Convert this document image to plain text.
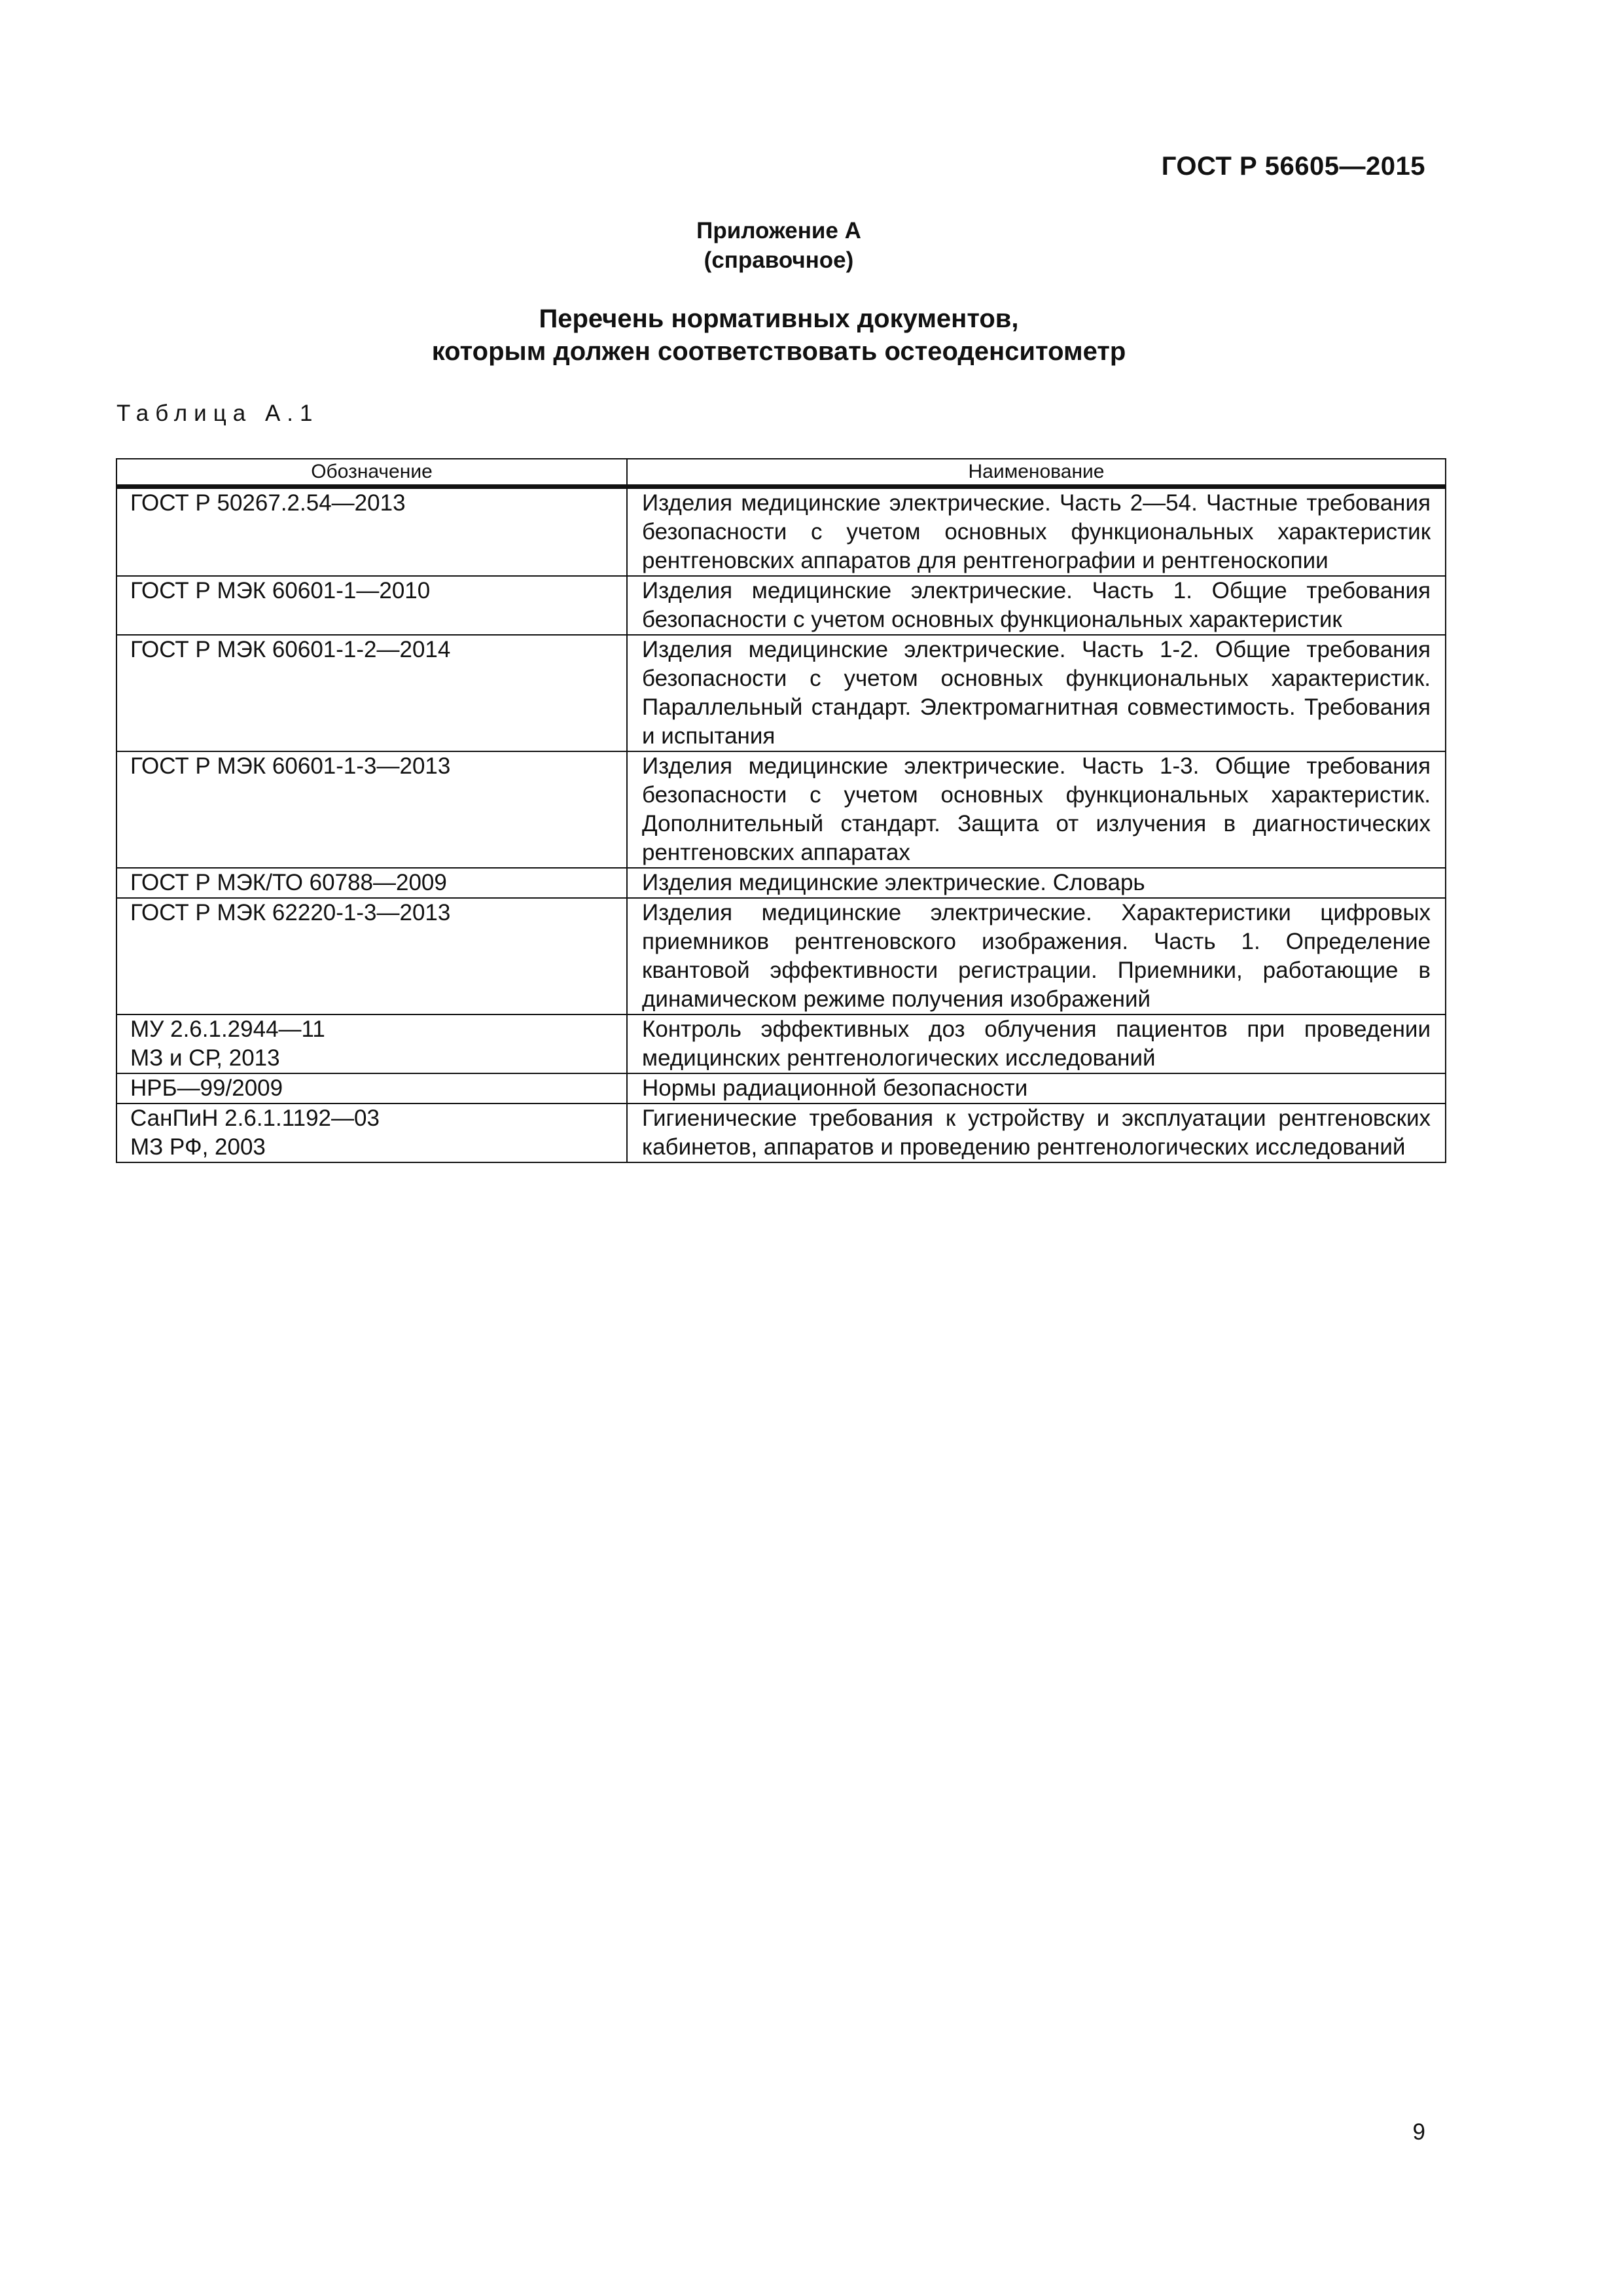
ГОСТ Р 56605—2015
Приложение А
(справочное)
Перечень нормативных документов,
которым должен соответствовать остеоденситометр
Таблица А.1
Обозначение	Наименование

ГОСТ Р 50267.2.54—2013	Изделия медицинские электрические. Часть 2—54. Частные требования безопасности с учетом основных функциональных характеристик рентгеновских аппаратов для рентгенографии и рентгеноскопии

ГОСТ Р МЭК 60601-1—2010	Изделия медицинские электрические. Часть 1. Общие требования безопасности с учетом основных функциональных характеристик

ГОСТ Р МЭК 60601-1-2—2014	Изделия медицинские электрические. Часть 1-2. Общие требования безопасности с учетом основных функциональных характеристик. Параллельный стандарт. Электромагнитная совместимость. Требования и испытания

ГОСТ Р МЭК 60601-1-3—2013	Изделия медицинские электрические. Часть 1-3. Общие требования безопасности с учетом основных функциональных характеристик. Дополнительный стандарт. Защита от излучения в диагностических рентгеновских аппаратах

ГОСТ Р МЭК/ТО 60788—2009	Изделия медицинские электрические. Словарь

ГОСТ Р МЭК 62220-1-3—2013	Изделия медицинские электрические. Характеристики цифровых приемников рентгеновского изображения. Часть 1. Определение квантовой эффективности регистрации. Приемники, работающие в динамическом режиме получения изображений

МУ 2.6.1.2944—11
МЗ и СР, 2013	Контроль эффективных доз облучения пациентов при проведении медицинских рентгенологических исследований

НРБ—99/2009	Нормы радиационной безопасности

СанПиН 2.6.1.1192—03
МЗ РФ, 2003	Гигиенические требования к устройству и эксплуатации рентгеновских кабинетов, аппаратов и проведению рентгенологических исследований
9
